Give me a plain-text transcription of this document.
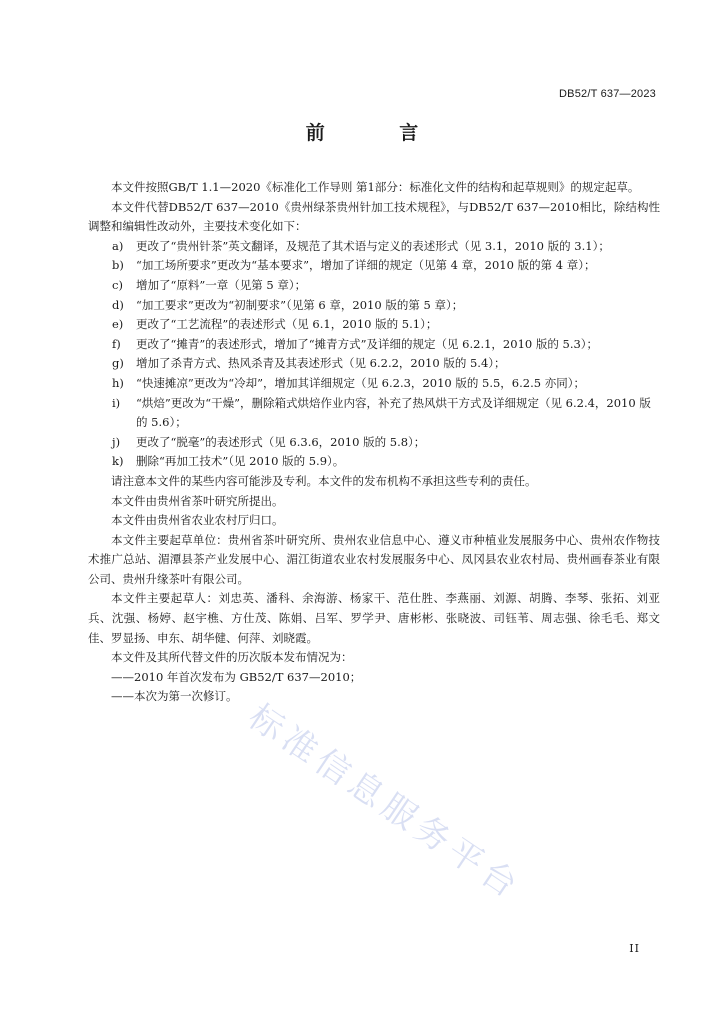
DB52/T 637—2023
前 言

本文件按照GB/T 1.1—2020《标准化工作导则 第1部分：标准化文件的结构和起草规则》的规定起草。

本文件代替DB52/T 637—2010《贵州绿茶贵州针加工技术规程》，与DB52/T 637—2010相比，除结构性调整和编辑性改动外，主要技术变化如下：

a) 更改了“贵州针茶”英文翻译，及规范了其术语与定义的表述形式（见 3.1，2010 版的 3.1）；

b) “加工场所要求”更改为“基本要求”，增加了详细的规定（见第 4 章，2010 版的第 4 章）；

c) 增加了“原料”一章（见第 5 章）；

d) “加工要求”更改为“初制要求”（见第 6 章，2010 版的第 5 章）；

e) 更改了“工艺流程”的表述形式（见 6.1，2010 版的 5.1）；

f) 更改了“摊青”的表述形式，增加了“摊青方式”及详细的规定（见 6.2.1，2010 版的 5.3）；

g) 增加了杀青方式、热风杀青及其表述形式（见 6.2.2，2010 版的 5.4）；

h) “快速摊凉”更改为“冷却”，增加其详细规定（见 6.2.3，2010 版的 5.5，6.2.5 亦同）；

i) “烘焙”更改为“干燥”，删除箱式烘焙作业内容，补充了热风烘干方式及详细规定（见 6.2.4，2010 版的 5.6）；

j) 更改了“脱毫”的表述形式（见 6.3.6，2010 版的 5.8）；

k) 删除“再加工技术”（见 2010 版的 5.9）。

请注意本文件的某些内容可能涉及专利。本文件的发布机构不承担这些专利的责任。

本文件由贵州省茶叶研究所提出。

本文件由贵州省农业农村厅归口。

本文件主要起草单位：贵州省茶叶研究所、贵州农业信息中心、遵义市种植业发展服务中心、贵州农作物技术推广总站、湄潭县茶产业发展中心、湄江街道农业农村发展服务中心、凤冈县农业农村局、贵州画春茶业有限公司、贵州升缘茶叶有限公司。

本文件主要起草人：刘忠英、潘科、余海游、杨家干、范仕胜、李燕丽、刘源、胡腾、李琴、张拓、刘亚兵、沈强、杨婷、赵宇樵、方仕茂、陈娟、吕军、罗学尹、唐彬彬、张晓波、司钰苇、周志强、徐毛毛、郑文佳、罗显扬、申东、胡华健、何萍、刘晓霞。

本文件及其所代替文件的历次版本发布情况为：

——2010 年首次发布为 GB52/T 637—2010；

——本次为第一次修订。

标准信息服务平台
II
